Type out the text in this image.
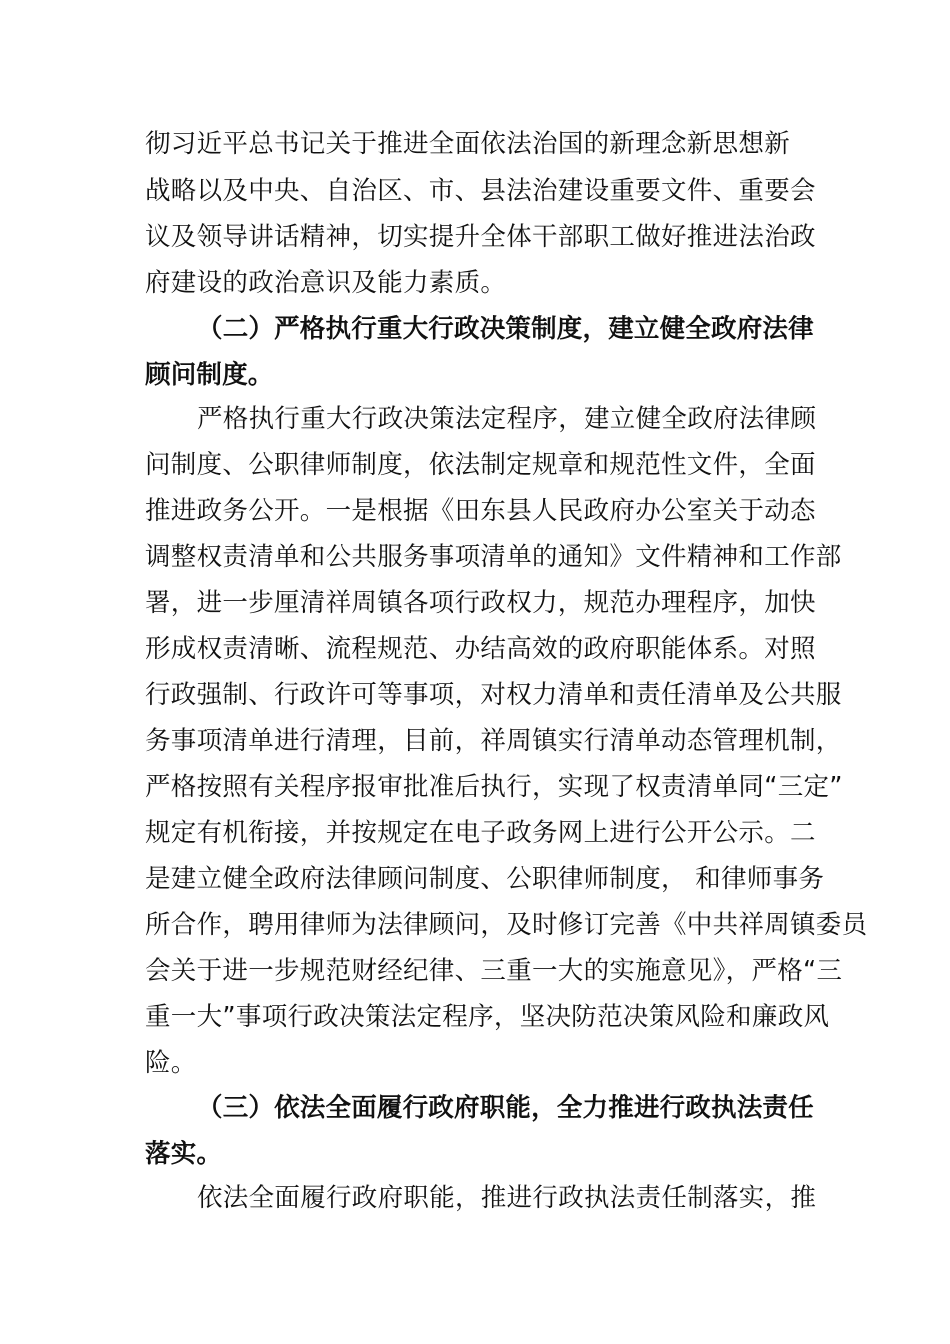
彻习近平总书记关于推进全面依法治国的新理念新思想新
战略以及中央、自治区、市、县法治建设重要文件、重要会
议及领导讲话精神，切实提升全体干部职工做好推进法治政
府建设的政治意识及能力素质。
（二）严格执行重大行政决策制度，建立健全政府法律
顾问制度。
严格执行重大行政决策法定程序，建立健全政府法律顾
问制度、公职律师制度，依法制定规章和规范性文件，全面
推进政务公开。一是根据《田东县人民政府办公室关于动态
调整权责清单和公共服务事项清单的通知》文件精神和工作部
署，进一步厘清祥周镇各项行政权力，规范办理程序，加快
形成权责清晰、流程规范、办结高效的政府职能体系。对照
行政强制、行政许可等事项，对权力清单和责任清单及公共服
务事项清单进行清理，目前，祥周镇实行清单动态管理机制，
严格按照有关程序报审批准后执行，实现了权责清单同“三定”
规定有机衔接，并按规定在电子政务网上进行公开公示。二
是建立健全政府法律顾问制度、公职律师制度， 和律师事务
所合作，聘用律师为法律顾问，及时修订完善《中共祥周镇委员
会关于进一步规范财经纪律、三重一大的实施意见》，严格“三
重一大”事项行政决策法定程序，坚决防范决策风险和廉政风
险。
（三）依法全面履行政府职能，全力推进行政执法责任
落实。
依法全面履行政府职能，推进行政执法责任制落实，推
